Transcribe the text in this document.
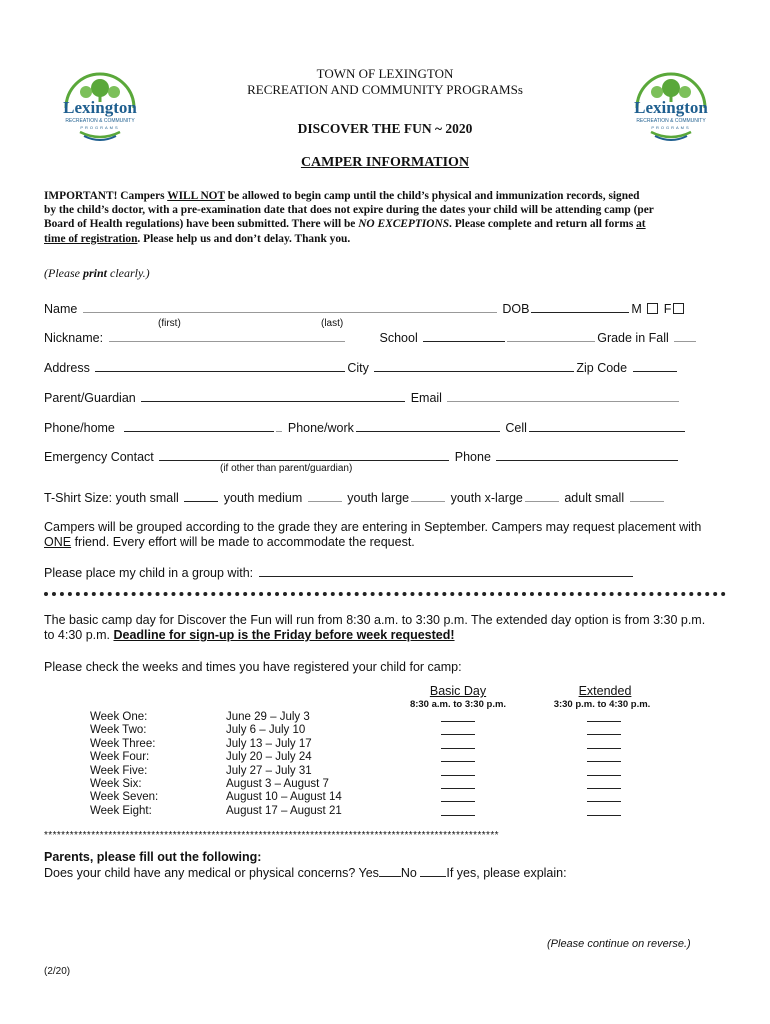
Lexington
RECREATION & COMMUNITY
PROGRAMS
Lexington
RECREATION & COMMUNITY
PROGRAMS
TOWN OF LEXINGTON
RECREATION AND COMMUNITY PROGRAMSs
DISCOVER THE FUN ~ 2020
CAMPER INFORMATION
IMPORTANT! Campers WILL NOT be allowed to begin camp until the child’s physical and immunization records, signed
by the child’s doctor, with a pre-examination date that does not expire during the dates your child will be attending camp (per
Board of Health regulations) have been submitted. There will be NO EXCEPTIONS. Please complete and return all forms at
time of registration. Please help us and don’t delay. Thank you.
(Please print clearly.)
Name	DOB	M F
(first)	(last)
Nickname:	School	Grade in Fall
Address	City	Zip Code
Parent/Guardian	Email
Phone/home	Phone/work	Cell
Emergency Contact	Phone
(if other than parent/guardian)
T-Shirt Size: youth small	youth medium	youth large	youth x-large	adult small
Campers will be grouped according to the grade they are entering in September. Campers may request placement with
ONE friend. Every effort will be made to accommodate the request.
Please place my child in a group with:
The basic camp day for Discover the Fun will run from 8:30 a.m. to 3:30 p.m. The extended day option is from 3:30 p.m.
to 4:30 p.m. Deadline for sign-up is the Friday before week requested!
Please check the weeks and times you have registered your child for camp:
Basic Day
8:30 a.m. to 3:30 p.m.
Extended
3:30 p.m. to 4:30 p.m.
Week One:	June 29 – July 3
Week Two:	July 6 – July 10
Week Three:	July 13 – July 17
Week Four:	July 20 – July 24
Week Five:	July 27 – July 31
Week Six:	August 3 – August 7
Week Seven:	August 10 – August 14
Week Eight:	August 17 – August 21
**********************************************************************************************************
Parents, please fill out the following:
Does your child have any medical or physical concerns? Yes No If yes, please explain:
(Please continue on reverse.)
(2/20)
